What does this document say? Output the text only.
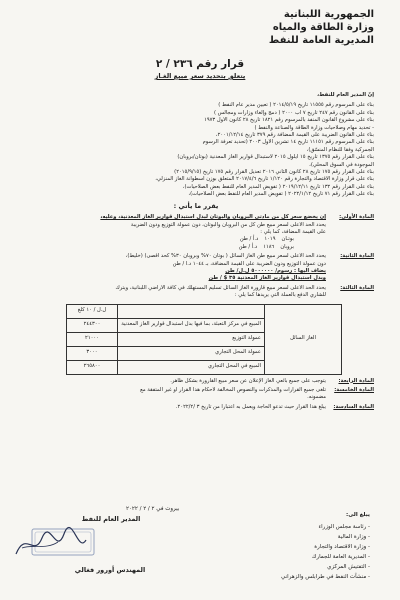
الجمهورية اللبنانية
وزارة الطاقة والمياه
المديرية العامة للنفط
قرار رقم ٢٣٦ / ٢
يتعلق بتحديد سعر مبيع الغـاز
إنّ المدير العام للنفط،
بناء على المرسوم رقم ١١٥٥٥ تاريخ ٢٠١٤/٥/١٩ ( تعيين مدير عام النفط )
بناء على القانون رقم ٢٤٧ تاريخ ٧ آب ٢٠٠٠ ( دمج وإلغاء وزارات ومجالس )
بناء على مشروع القانون المنفذ بالمرسوم رقم ١٨٢١ تاريخ ٢٨ كانون الأول ١٩٧٣
- تحديد مهام وصلاحيات وزارة الطاقة والصناعة والنفط )
بناء على القانون الضريبة على القيمة المضافة رقم ٣٧٩ تاريخ ٢٠٠١/١٢/١٤،
بناء على المرسوم رقم ١١١٥١ تاريخ ١٤ تشرين الأول ٢٠٠٣ (تحديد تعرفة الرسوم
الجمركية وفقاً للنظام المنسّق)،
بناء على القرار رقم ١٣٧٥ تاريخ ١٥ أيلول ٢٠١٥ لاستبدال قوارير الغاز المعدنية (بوتان/بروبان)
الموجودة في السوق المحلي)،
بناء على القرار رقم ١٧٥ تاريخ ٢٨ كانون الثاني ٢٠١٦ تعديل القرار رقم ١٧٥ تاريخ (٢٠١٥/٩/١٥)
بناء على قرار وزارة الاقتصاد والتجارة رقم ١/١٢٠ تاريخ ٢٠١٧/٤/٦ المتعلق بوزن أسطوانة الغاز المنزلي،
بناء على القرار رقم ١٣٢ تاريخ ٢٠١٩/١٢/١١ ( تفويض المدير العام للنفط بعض الصلاحيات)،
بناء على القرار رقم ٧١ تاريخ ٢٠٢٢/١/١٢ ( تفويض المدير العام للنفط بعض الصلاحيات)،
يقرر ما يأتي :
المادة الأولى:
إن يخضع سعر كل من مادتي البروبان والبوتان لبدل استبدال قوارير الغاز المعدنية، وعليه،
يحدد الحد الأعلى لسعر مبيع طن كل من البروبان والبوتان، دون عمولة التوزيع ودون الضريبة
على القيمة المضافة، كما يلي :
بوتـان
١٠١٩
د.أ / طن
بروبان
١١٨٦
د.أ / طن
المادة الثانية:
يحدد الحد الأعلى لسعر مبيع طن الغاز السائل ( بوتان ٧٠% وبروبان ٣٠% كحد أقصى) (خليط)،
دون عمولة التوزيع ودون الضريبة على القيمة المضافة، بـ ١٠٤٤ د.أ / طن
يضاف اليها : رسوم/ ٥٠٠٠٠٠٠ ل.ل/ طن
وبدل استبدال قوارير الغاز المعدنية ٣٥ $ / طن
المادة الثالثة:
يحدد الحد الأعلى لسعر مبيع قارورة الغاز السائل تسليم المستهلك في كافة الأراضي اللبنانية، ويترك
للشاري الدفع بالعملة التي يريدها كما يلي :
الغاز السائل		ل.ل / ١٠ كلغ
	المبيع في مركز التعبئة، بما فيها بدل استبدال قوارير الغاز المعدنية	٢٤٤٣٠٠
	عمولة التوزيع	٢١٠٠٠
	عمولة المحل التجاري	٣٠٠٠
	المبيع في المحل التجاري	٢٦٥٨٠٠
المادة الرابعة:
يتوجب على جميع بائعي الغاز الإعلان عن سعر مبيع القارورة بشكل ظاهر.
المادة الخامسة:
تلغى جميع القرارات والمذكرات والنصوص المخالفة لأحكام هذا القرار أو غير المتفقة مع
مضمونه.
المادة السادسة:
يبلّغ هذا القرار حيث تدعو الحاجة ويعمل به اعتباراً من تاريخ ٣ /٢٠٢٢/٢.
بيروت في ٢ / ٢ / ٢٠٢٢
المدير العام للنفط
المهندس أورور فغالي
يبلغ الى:
- رئاسة مجلس الوزراء
- وزارة المالية
- وزارة الاقتصاد والتجارة
- المديرية العامة للجمارك
- التفتيش المركزي
- منشآت النفط في طرابلس والزهراني
